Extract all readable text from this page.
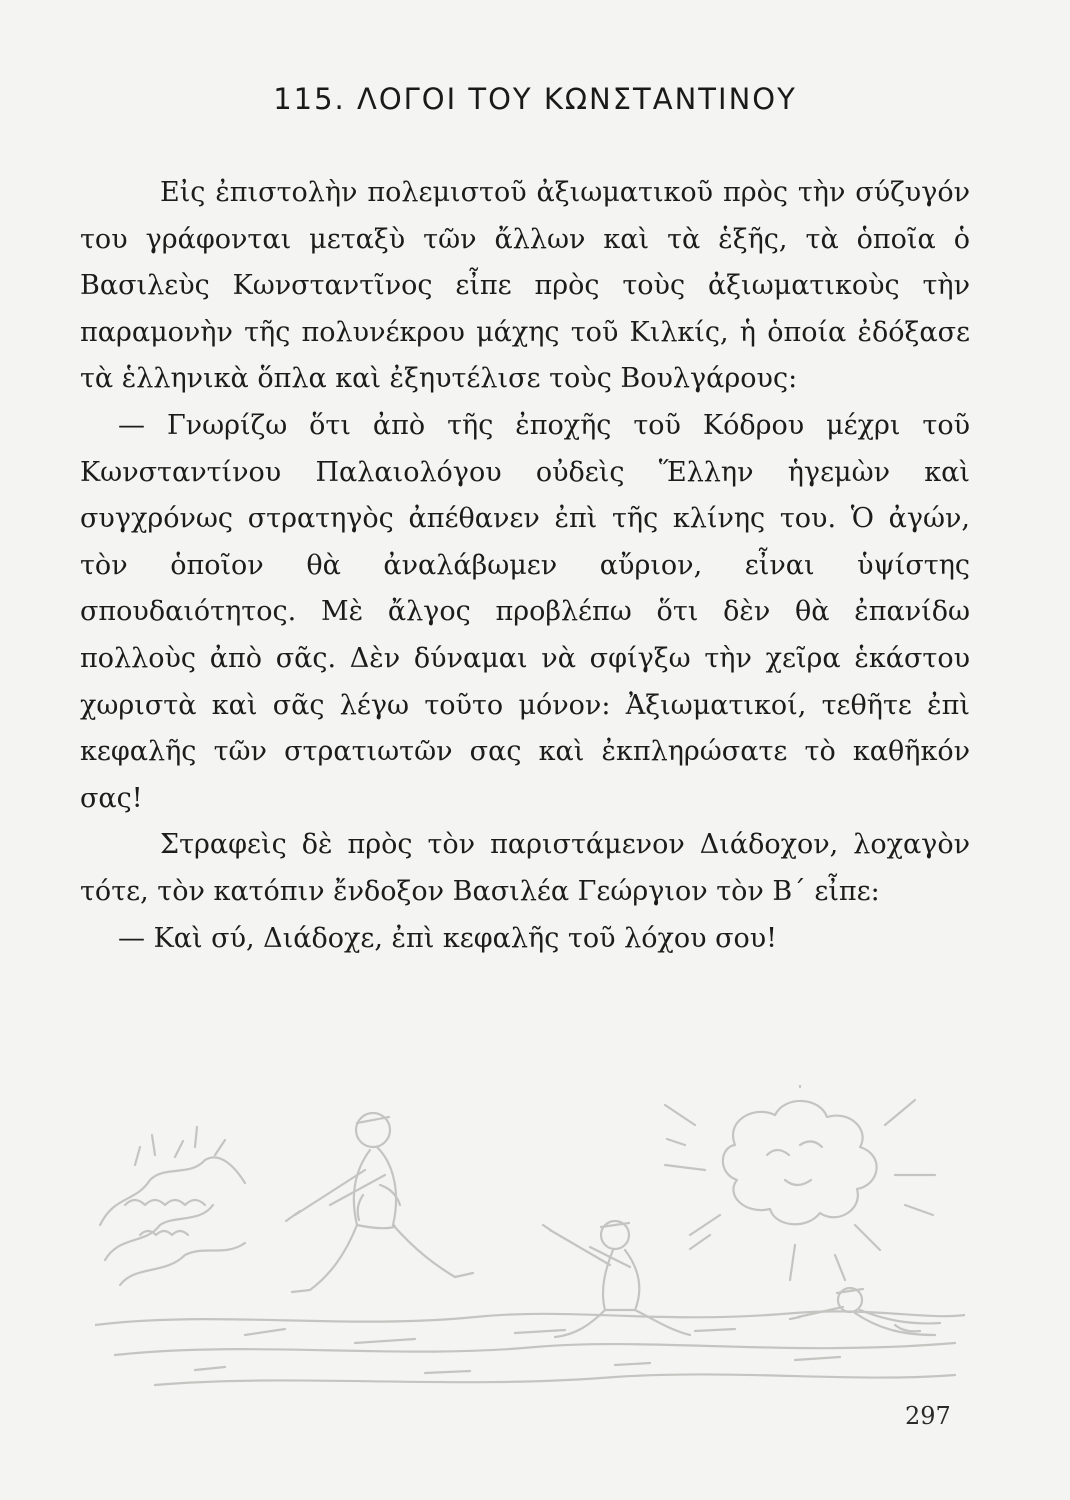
115. ΛΟΓΟΙ ΤΟΥ ΚΩΝΣΤΑΝΤΙΝΟΥ

Εἰς ἐπιστολὴν πολεμιστοῦ ἀξιωματικοῦ πρὸς τὴν σύζυγόν του γράφονται μεταξὺ τῶν ἄλλων καὶ τὰ ἑξῆς, τὰ ὁποῖα ὁ Βασιλεὺς Κωνσταντῖνος εἶπε πρὸς τοὺς ἀξιωματικοὺς τὴν παραμονὴν τῆς πολυνέκρου μάχης τοῦ Κιλκίς, ἡ ὁποία ἐδόξασε τὰ ἑλληνικὰ ὅπλα καὶ ἐξηυτέλισε τοὺς Βουλγάρους:

— Γνωρίζω ὅτι ἀπὸ τῆς ἐποχῆς τοῦ Κόδρου μέχρι τοῦ Κωνσταντίνου Παλαιολόγου οὐδεὶς Ἕλλην ἡγεμὼν καὶ συγχρόνως στρατηγὸς ἀπέθανεν ἐπὶ τῆς κλίνης του. Ὁ ἀγών, τὸν ὁποῖον θὰ ἀναλάβωμεν αὔριον, εἶναι ὑψίστης σπουδαιότητος. Μὲ ἄλγος προβλέπω ὅτι δὲν θὰ ἐπανίδω πολλοὺς ἀπὸ σᾶς. Δὲν δύναμαι νὰ σφίγξω τὴν χεῖρα ἑκάστου χωριστὰ καὶ σᾶς λέγω τοῦτο μόνον: Ἀξιωματικοί, τεθῆτε ἐπὶ κεφαλῆς τῶν στρατιωτῶν σας καὶ ἐκπληρώσατε τὸ καθῆκόν σας!

Στραφεὶς δὲ πρὸς τὸν παριστάμενον Διάδοχον, λοχαγὸν τότε, τὸν κατόπιν ἔνδοξον Βασιλέα Γεώργιον τὸν Β΄ εἶπε:

— Καὶ σύ, Διάδοχε, ἐπὶ κεφαλῆς τοῦ λόχου σου!

297
